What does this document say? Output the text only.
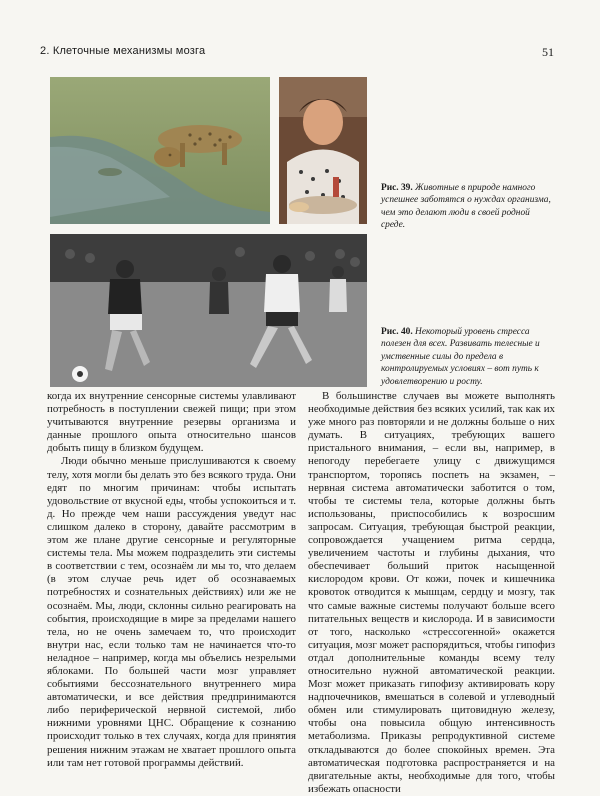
2. Клеточные механизмы мозга	51
Рис. 39. Животные в природе намного успешнее заботятся о нуждах организма, чем это делают люди в своей родной среде.
Рис. 40. Некоторый уровень стресса полезен для всех. Развивать телесные и умственные силы до предела в контролируемых условиях – вот путь к удовлетворению и росту.

когда их внутренние сенсорные системы улавливают потребность в поступлении свежей пищи; при этом учитываются внутренние резервы организма и данные прошлого опыта относительно шансов добыть пищу в близком будущем.

Люди обычно меньше прислушиваются к своему телу, хотя могли бы делать это без всякого труда. Они едят по многим причинам: чтобы испытать удовольствие от вкусной еды, чтобы успокоиться и т. д. Но прежде чем наши рассуждения уведут нас слишком далеко в сторону, давайте рассмотрим в этом же плане другие сенсорные и регуляторные системы тела. Мы можем подразделить эти системы в соответствии с тем, осознаём ли мы то, что делаем (в этом случае речь идет об осознаваемых потребностях и сознательных действиях) или же не осознаём. Мы, люди, склонны сильно реагировать на события, происходящие в мире за пределами нашего тела, но не очень замечаем то, что происходит внутри нас, если только там не начинается что-то неладное – например, когда мы объелись незрелыми яблоками. По большей части мозг управляет событиями бессознательного внутреннего мира автоматически, и все действия предпринимаются либо периферической нервной системой, либо нижними уровнями ЦНС. Обращение к сознанию происходит только в тех случаях, когда для принятия решения нижним этажам не хватает прошлого опыта или там нет готовой программы действий.

В большинстве случаев вы можете выполнять необходимые действия без всяких усилий, так как их уже много раз повторяли и не должны больше о них думать. В ситуациях, требующих вашего пристального внимания, – если вы, например, в непогоду перебегаете улицу с движущимся транспортом, торопясь поспеть на экзамен, – нервная система автоматически заботится о том, чтобы те системы тела, которые должны быть использованы, приспособились к возросшим запросам. Ситуация, требующая быстрой реакции, сопровождается учащением ритма сердца, увеличением частоты и глубины дыхания, что обеспечивает больший приток насыщенной кислородом крови. От кожи, почек и кишечника кровоток отводится к мышцам, сердцу и мозгу, так что самые важные системы получают больше всего питательных веществ и кислорода. И в зависимости от того, насколько «стрессогенной» окажется ситуация, мозг может распорядиться, чтобы гипофиз отдал дополнительные команды всему телу относительно нужной автоматической реакции. Мозг может приказать гипофизу активировать кору надпочечников, вмешаться в солевой и углеводный обмен или стимулировать щитовидную железу, чтобы она повысила общую интенсивность метаболизма. Приказы репродуктивной системе откладываются до более спокойных времен. Эта автоматическая подготовка распространяется и на двигательные акты, необходимые для того, чтобы избежать опасности
